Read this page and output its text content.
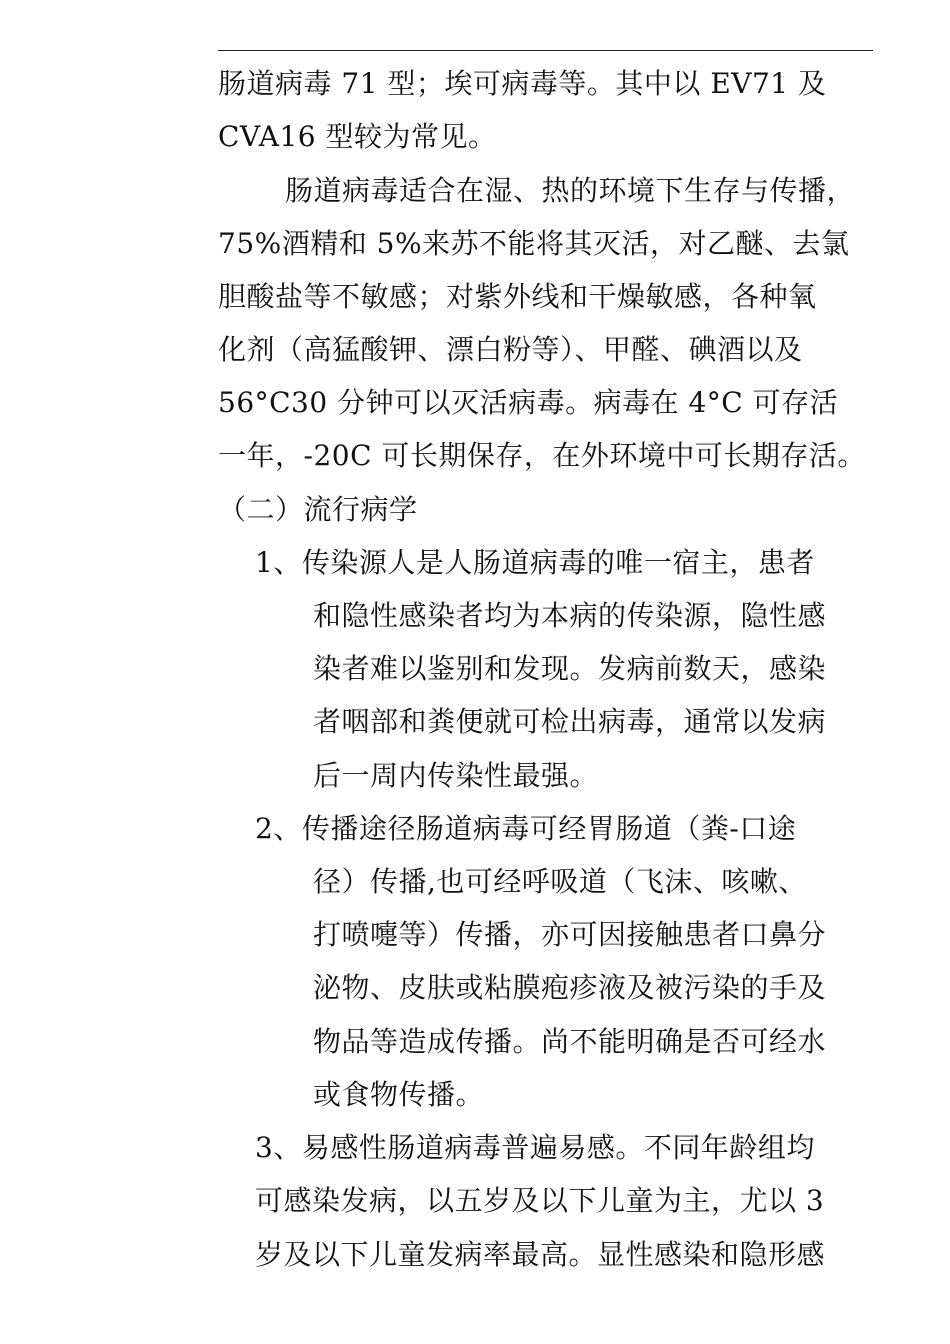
肠道病毒 71 型；埃可病毒等。其中以 EV71 及
CVA16 型较为常见。
肠道病毒适合在湿、热的环境下生存与传播，
75%酒精和 5%来苏不能将其灭活，对乙醚、去氯
胆酸盐等不敏感；对紫外线和干燥敏感，各种氧
化剂（高猛酸钾、漂白粉等）、甲醛、碘酒以及
56°C30 分钟可以灭活病毒。病毒在 4°C 可存活
一年，-20C 可长期保存，在外环境中可长期存活。
（二）流行病学
1、传染源人是人肠道病毒的唯一宿主，患者
和隐性感染者均为本病的传染源，隐性感
染者难以鉴别和发现。发病前数天，感染
者咽部和粪便就可检出病毒，通常以发病
后一周内传染性最强。
2、传播途径肠道病毒可经胃肠道（粪-口途
径）传播,也可经呼吸道（飞沫、咳嗽、
打喷嚏等）传播，亦可因接触患者口鼻分
泌物、皮肤或粘膜疱疹液及被污染的手及
物品等造成传播。尚不能明确是否可经水
或食物传播。
3、易感性肠道病毒普遍易感。不同年龄组均
可感染发病，以五岁及以下儿童为主，尤以 3
岁及以下儿童发病率最高。显性感染和隐形感
